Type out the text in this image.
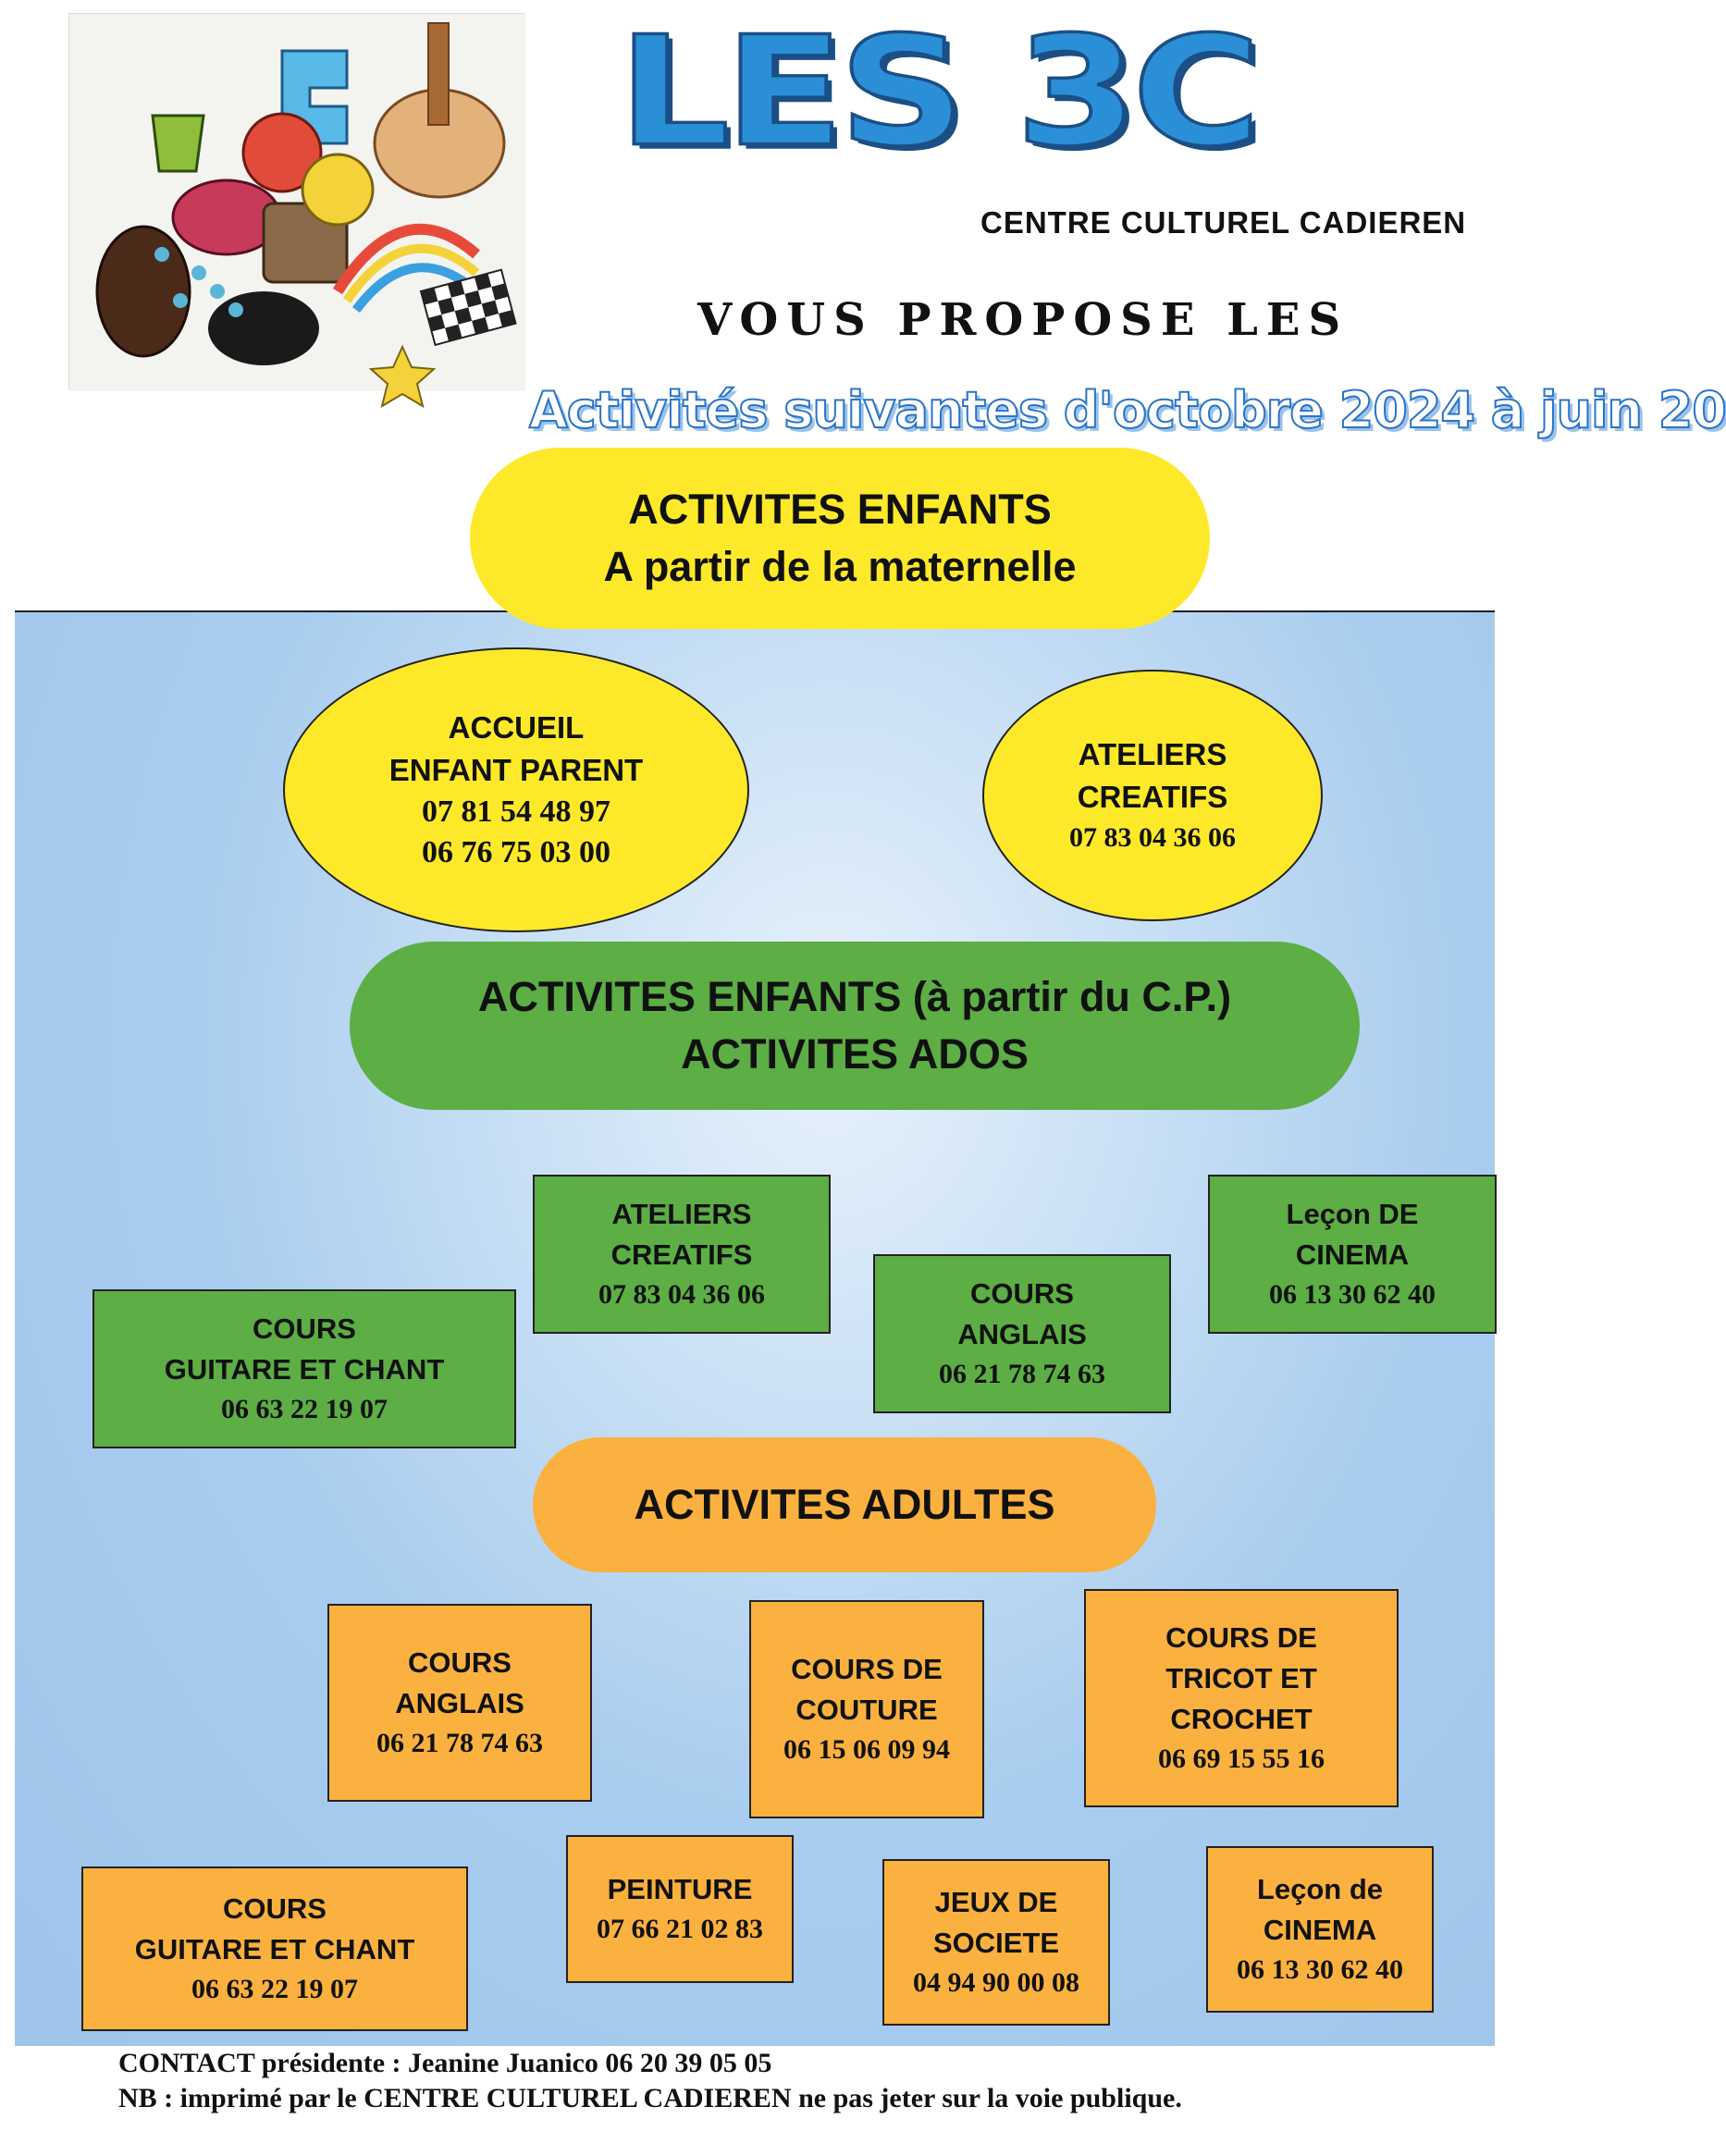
LES 3C
CENTRE CULTUREL CADIEREN
VOUS PROPOSE LES
Activités suivantes d'octobre 2024 à juin 20
ACTIVITES ENFANTS
A partir de la maternelle
ACCUEIL
ENFANT PARENT
07 81 54 48 97
06 76 75 03 00
ATELIERS
CREATIFS
07 83 04 36 06
ACTIVITES ENFANTS (à partir du C.P.)
ACTIVITES ADOS
ATELIERS
CREATIFS
07 83 04 36 06
Leçon DE
CINEMA
06 13 30 62 40
COURS
GUITARE ET CHANT
06 63 22 19 07
COURS
ANGLAIS
06 21 78 74 63
ACTIVITES ADULTES
COURS
ANGLAIS
06 21 78 74 63
COURS DE
COUTURE
06 15 06 09 94
COURS DE
TRICOT ET
CROCHET
06 69 15 55 16
PEINTURE
07 66 21 02 83
COURS
GUITARE ET CHANT
06 63 22 19 07
JEUX DE
SOCIETE
04 94 90 00 08
Leçon de
CINEMA
06 13 30 62 40
CONTACT présidente : Jeanine Juanico 06 20 39 05 05
NB : imprimé par le CENTRE CULTUREL CADIEREN ne pas jeter sur la voie publique.
